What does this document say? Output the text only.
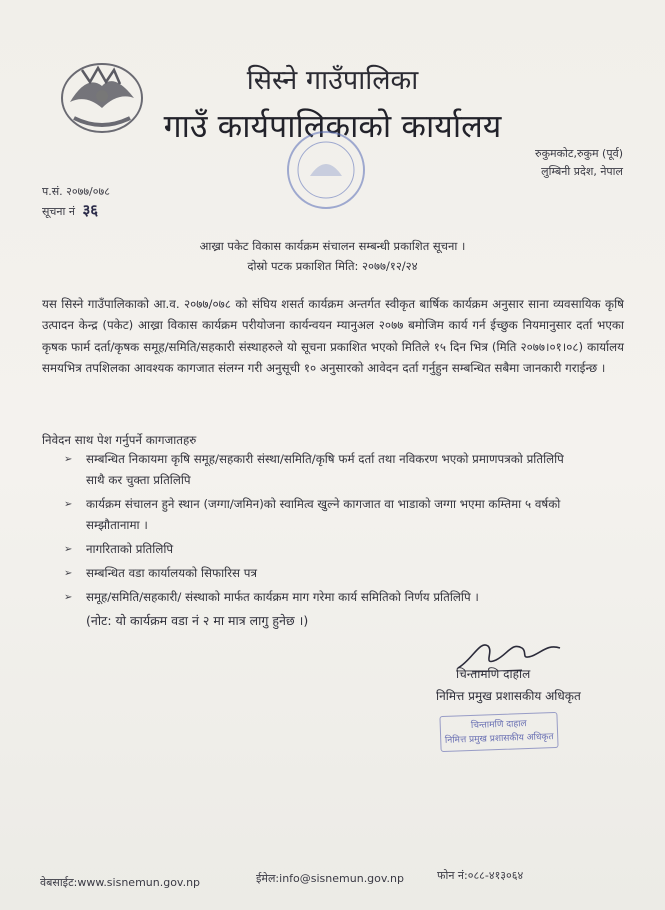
सिस्ने गाउँपालिका
गाउँ कार्यपालिकाको कार्यालय
रुकुमकोट,रुकुम (पूर्व)
लुम्बिनी प्रदेश, नेपाल
प.सं. २०७७/०७८
सूचना नं ३६
आख्रा पकेट विकास कार्यक्रम संचालन सम्बन्धी प्रकाशित सूचना ।
दोस्रो पटक प्रकाशित मिति: २०७७/१२/२४
यस सिस्ने गाउँपालिकाको आ.व. २०७७/०७८ को संघिय शसर्त कार्यक्रम अन्तर्गत स्वीकृत बार्षिक कार्यक्रम अनुसार साना व्यवसायिक कृषि उत्पादन केन्द्र (पकेट) आख्रा विकास कार्यक्रम परीयोजना कार्यन्वयन म्यानुअल २०७७ बमोजिम कार्य गर्न ईच्छुक नियमानुसार दर्ता भएका कृषक फार्म दर्ता/कृषक समूह/समिति/सहकारी संस्थाहरुले यो सूचना प्रकाशित भएको मितिले १५ दिन भित्र (मिति २०७७।०१।०८) कार्यालय समयभित्र तपशिलका आवश्यक कागजात संलग्न गरी अनुसूची १० अनुसारको आवेदन दर्ता गर्नुहुन सम्बन्धित सबैमा जानकारी गराईन्छ ।
निवेदन साथ पेश गर्नुपर्ने कागजातहरु
➢ सम्बन्धित निकायमा कृषि समूह/सहकारी संस्था/समिति/कृषि फर्म दर्ता तथा नविकरण भएको प्रमाणपत्रको प्रतिलिपि साथै कर चुक्ता प्रतिलिपि
➢ कार्यक्रम संचालन हुने स्थान (जग्गा/जमिन)को स्वामित्व खुल्ने कागजात वा भाडाको जग्गा भएमा कम्तिमा ५ वर्षको सम्झौतानामा ।
➢ नागरिताको प्रतिलिपि
➢ सम्बन्धित वडा कार्यालयको सिफारिस पत्र
➢ समूह/समिति/सहकारी/ संस्थाको मार्फत कार्यक्रम माग गरेमा कार्य समितिको निर्णय प्रतिलिपि ।
(नोट: यो कार्यक्रम वडा नं २ मा मात्र लागु हुनेछ ।)
चिन्तामणि दाहाल
निमित्त प्रमुख प्रशासकीय अधिकृत
चिन्तामणि दाहाल
निमित्त प्रमुख प्रशासकीय अधिकृत
वेबसाईट:www.sisnemun.gov.np	ईमेल:info@sisnemun.gov.np	फोन नं:०८८-४१३०६४
